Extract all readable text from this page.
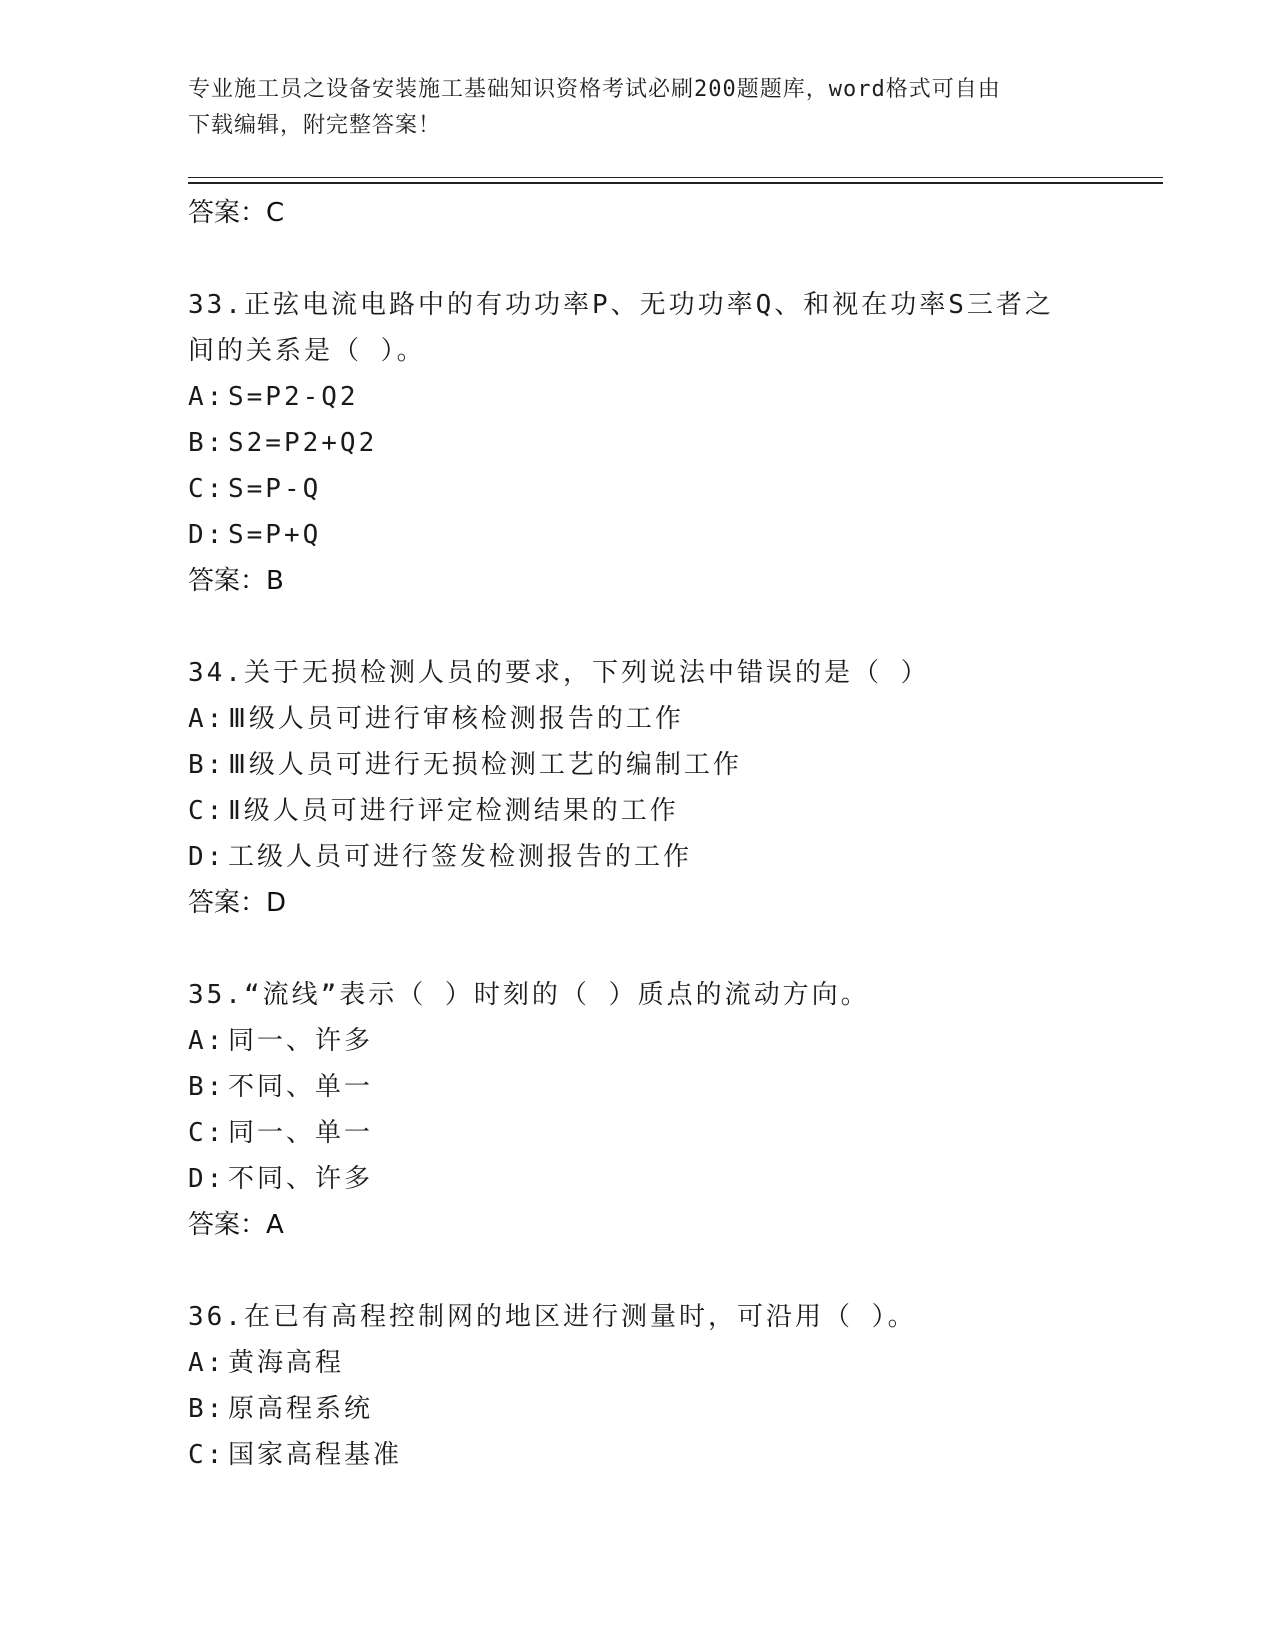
专业施工员之设备安装施工基础知识资格考试必刷200题题库，word格式可自由
下载编辑，附完整答案！
答案：C
33.正弦电流电路中的有功功率P、无功功率Q、和视在功率S三者之
间的关系是（ ）。
A: S=P2-Q2
B: S2=P2+Q2
C: S=P-Q
D: S=P+Q
答案：B
34.关于无损检测人员的要求，下列说法中错误的是（ ）
A: Ⅲ级人员可进行审核检测报告的工作
B: Ⅲ级人员可进行无损检测工艺的编制工作
C: Ⅱ级人员可进行评定检测结果的工作
D: 工级人员可进行签发检测报告的工作
答案：D
35.“流线”表示（ ）时刻的（ ）质点的流动方向。
A: 同一、许多
B: 不同、单一
C: 同一、单一
D: 不同、许多
答案：A
36.在已有高程控制网的地区进行测量时，可沿用（ ）。
A: 黄海高程
B: 原高程系统
C: 国家高程基准
